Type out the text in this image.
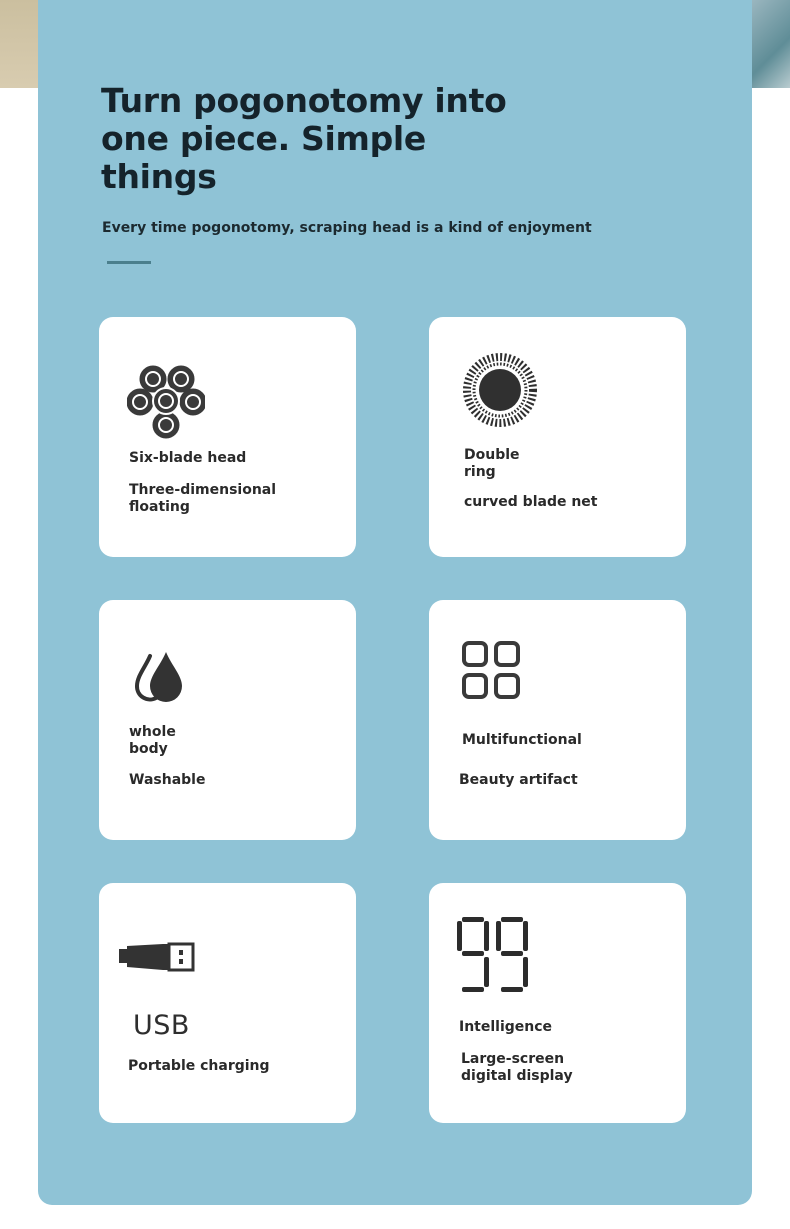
Turn pogonotomy into one piece. Simple things

Every time pogonotomy, scraping head is a kind of enjoyment

Six-blade head

Three-dimensional floating

Double ring

curved blade net

whole body

Washable

Multifunctional

Beauty artifact

USB

Portable charging

Intelligence

Large-screen digital display
